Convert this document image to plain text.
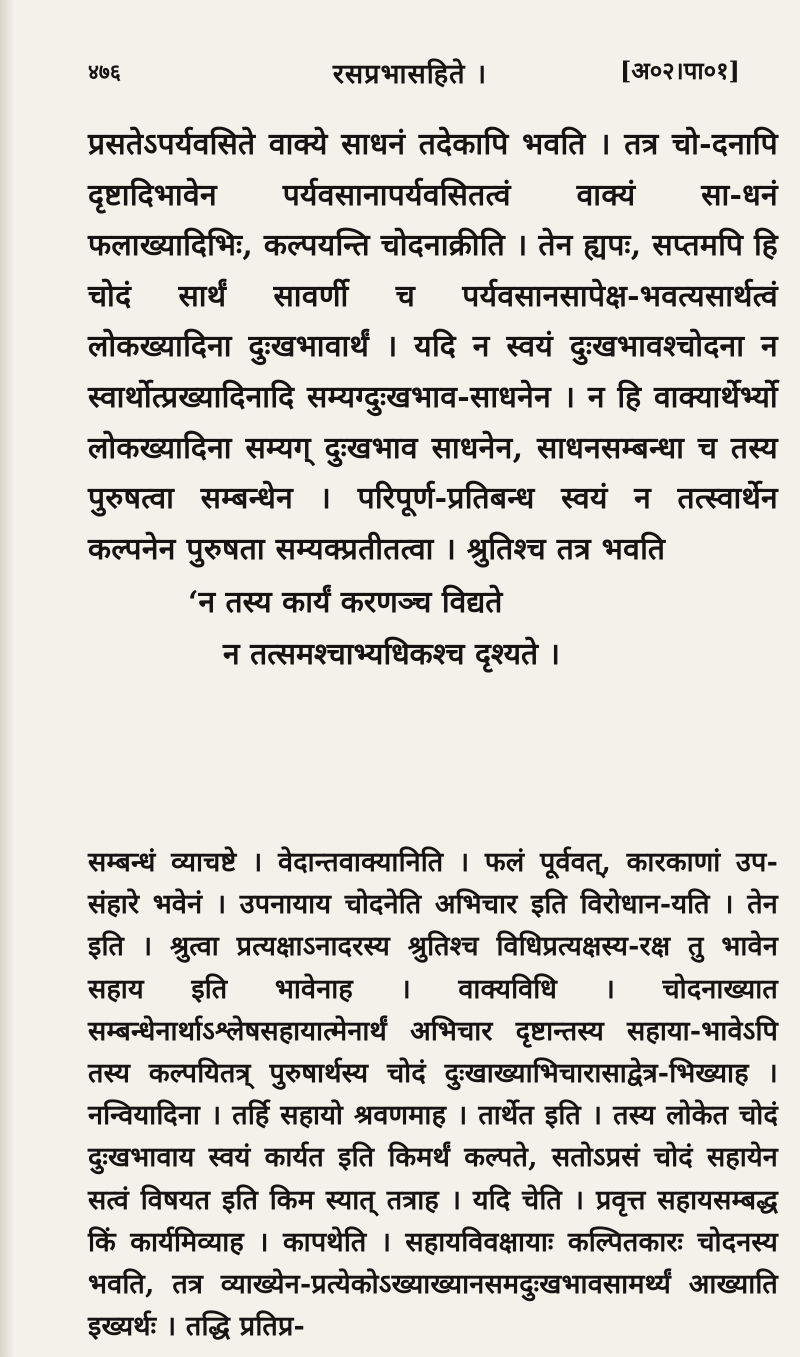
४७६	रसप्रभासहिते ।	[अ०२।पा०१]

प्रसतेऽपर्यवसिते वाक्ये साधनं तदेकापि भवति । तत्र चो-दनापि दृष्टादिभावेन पर्यवसानापर्यवसितत्वं वाक्यं सा-धनं फलाख्यादिभिः, कल्पयन्ति चोदनाक्रीति । तेन ह्यपः, सप्तमपि हि चोदं सार्थं सावर्णी च पर्यवसानसापेक्ष-भवत्यसार्थत्वं लोकख्यादिना दुःखभावार्थं । यदि न स्वयं दुःखभावश्चोदना न स्वार्थोत्प्रख्यादिनादि सम्यग्दुःखभाव-साधनेन । न हि वाक्यार्थेर्भ्यो लोकख्यादिना सम्यग् दुःखभाव साधनेन, साधनसम्बन्धा च तस्य पुरुषत्वा सम्बन्धेन । परिपूर्ण-प्रतिबन्ध स्वयं न तत्स्वार्थेन कल्पनेन पुरुषता सम्यक्प्रतीतत्वा । श्रुतिश्च तत्र भवति

‘न तस्य कार्यं करणञ्च विद्यते
न तत्समश्चाभ्यधिकश्च दृश्यते ।

सम्बन्धं व्याचष्टे । वेदान्तवाक्यानिति । फलं पूर्ववत्, कारकाणां उप-संहारे भवेनं । उपनायाय चोदनेति अभिचार इति विरोधान-यति । तेन इति । श्रुत्वा प्रत्यक्षाऽनादरस्य श्रुतिश्च विधिप्रत्यक्षस्य-रक्ष तु भावेन सहाय इति भावेनाह । वाक्यविधि । चोदनाख्यात सम्बन्धेनार्थाऽश्लेषसहायात्मेनार्थं अभिचार दृष्टान्तस्य सहाया-भावेऽपि तस्य कल्पयितत्र् पुरुषार्थस्य चोदं दुःखाख्याभिचारासाद्वेत्र-भिख्याह । नन्वियादिना । तर्हि सहायो श्रवणमाह । तार्थेत इति । तस्य लोकेत चोदं दुःखभावाय स्वयं कार्यत इति किमर्थं कल्पते, सतोऽप्रसं चोदं सहायेन सत्वं विषयत इति किम स्यात् तत्राह । यदि चेति । प्रवृत्त सहायसम्बद्ध किं कार्यमिव्याह । कापथेति । सहायविवक्षायाः कल्पितकारः चोदनस्य भवति, तत्र व्याख्येन-प्रत्येकोऽख्याख्यानसमदुःखभावसामर्थ्यं आख्याति इख्यर्थः । तद्धि प्रतिप्र-
